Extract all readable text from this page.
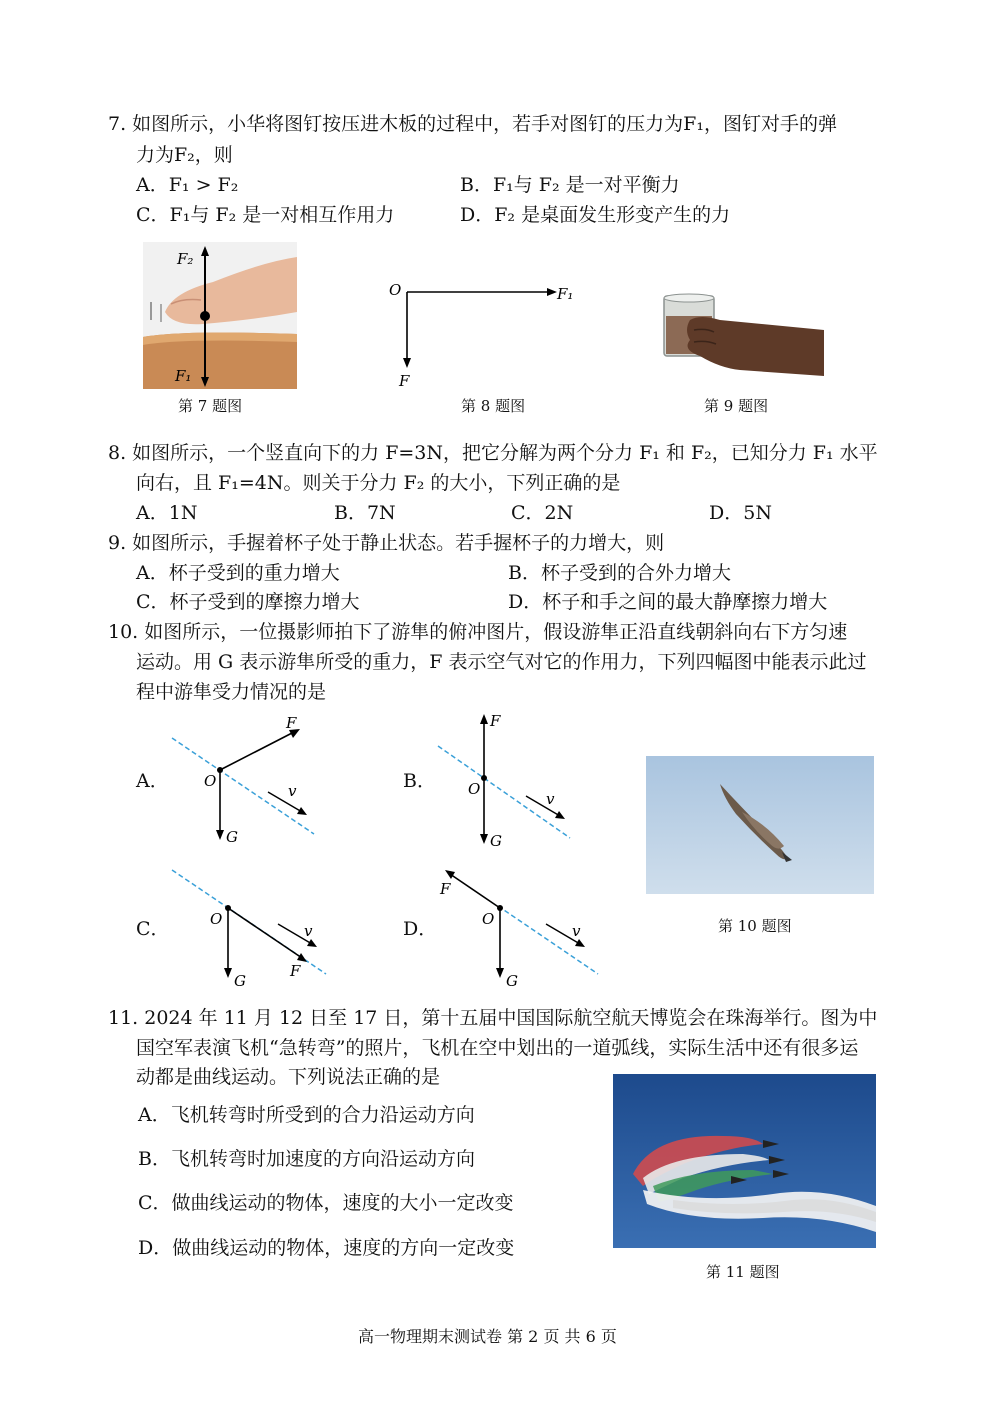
7. 如图所示，小华将图钉按压进木板的过程中，若手对图钉的压力为F₁，图钉对手的弹
力为F₂，则
A．F₁ > F₂	B．F₁与 F₂ 是一对平衡力
C．F₁与 F₂ 是一对相互作用力	D．F₂ 是桌面发生形变产生的力
F₂
F₁
第 7 题图
O	F₁
F
第 8 题图	第 9 题图
8. 如图所示，一个竖直向下的力 F=3N，把它分解为两个分力 F₁ 和 F₂，已知分力 F₁ 水平
向右，且 F₁=4N。则关于分力 F₂ 的大小，下列正确的是
A．1N	B．7N	C．2N	D．5N
9. 如图所示，手握着杯子处于静止状态。若手握杯子的力增大，则
A．杯子受到的重力增大	B．杯子受到的合外力增大
C．杯子受到的摩擦力增大	D．杯子和手之间的最大静摩擦力增大
10. 如图所示，一位摄影师拍下了游隼的俯冲图片，假设游隼正沿直线朝斜向右下方匀速
运动。用 G 表示游隼所受的重力，F 表示空气对它的作用力，下列四幅图中能表示此过
程中游隼受力情况的是
A．	B．
C．	D．
O
F
G
v	O
F
G
v
O
F
G
v
O
F
G
v	第 10 题图
11. 2024 年 11 月 12 日至 17 日，第十五届中国国际航空航天博览会在珠海举行。图为中
国空军表演飞机“急转弯”的照片，飞机在空中划出的一道弧线，实际生活中还有很多运
动都是曲线运动。下列说法正确的是
A．飞机转弯时所受到的合力沿运动方向
B．飞机转弯时加速度的方向沿运动方向
C．做曲线运动的物体，速度的大小一定改变
D．做曲线运动的物体，速度的方向一定改变
第 11 题图
高一物理期末测试卷 第 2 页 共 6 页
